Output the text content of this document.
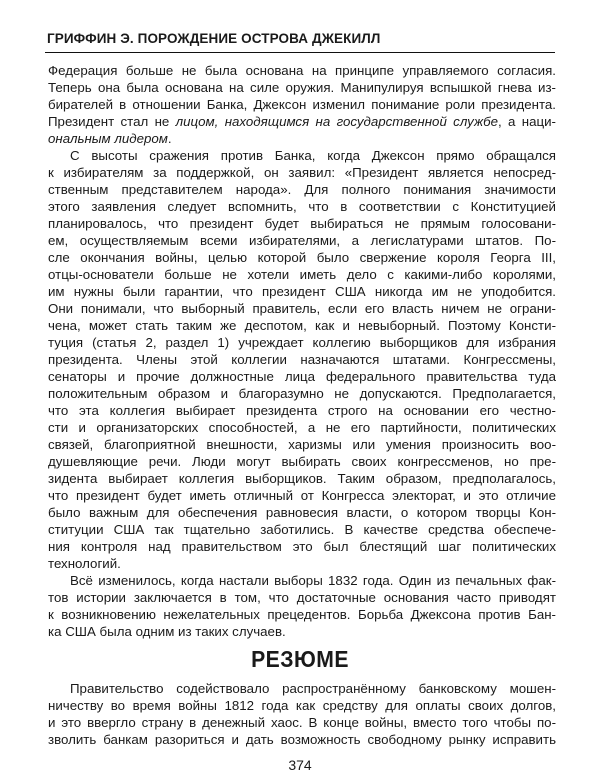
ГРИФФИН Э. ПОРОЖДЕНИЕ ОСТРОВА ДЖЕКИЛЛ
Федерация больше не была основана на принципе управляемого согласия.
Теперь она была основана на силе оружия. Манипулируя вспышкой гнева из-
бирателей в отношении Банка, Джексон изменил понимание роли президента.
Президент стал не лицом, находящимся на государственной службе, а наци-
ональным лидером.
С высоты сражения против Банка, когда Джексон прямо обращался
к избирателям за поддержкой, он заявил: «Президент является непосред-
ственным представителем народа». Для полного понимания значимости
этого заявления следует вспомнить, что в соответствии с Конституцией
планировалось, что президент будет выбираться не прямым голосовани-
ем, осуществляемым всеми избирателями, а легислатурами штатов. По-
сле окончания войны, целью которой было свержение короля Георга III,
отцы-основатели больше не хотели иметь дело с какими-либо королями,
им нужны были гарантии, что президент США никогда им не уподобится.
Они понимали, что выборный правитель, если его власть ничем не ограни-
чена, может стать таким же деспотом, как и невыборный. Поэтому Консти-
туция (статья 2, раздел 1) учреждает коллегию выборщиков для избрания
президента. Члены этой коллегии назначаются штатами. Конгрессмены,
сенаторы и прочие должностные лица федерального правительства туда
положительным образом и благоразумно не допускаются. Предполагается,
что эта коллегия выбирает президента строго на основании его честно-
сти и организаторских способностей, а не его партийности, политических
связей, благоприятной внешности, харизмы или умения произносить воо-
душевляющие речи. Люди могут выбирать своих конгрессменов, но пре-
зидента выбирает коллегия выборщиков. Таким образом, предполагалось,
что президент будет иметь отличный от Конгресса электорат, и это отличие
было важным для обеспечения равновесия власти, о котором творцы Кон-
ституции США так тщательно заботились. В качестве средства обеспече-
ния контроля над правительством это был блестящий шаг политических
технологий.
Всё изменилось, когда настали выборы 1832 года. Один из печальных фак-
тов истории заключается в том, что достаточные основания часто приводят
к возникновению нежелательных прецедентов. Борьба Джексона против Бан-
ка США была одним из таких случаев.
РЕЗЮМЕ
Правительство содействовало распространённому банковскому мошен-
ничеству во время войны 1812 года как средству для оплаты своих долгов,
и это ввергло страну в денежный хаос. В конце войны, вместо того чтобы по-
зволить банкам разориться и дать возможность свободному рынку исправить
374
